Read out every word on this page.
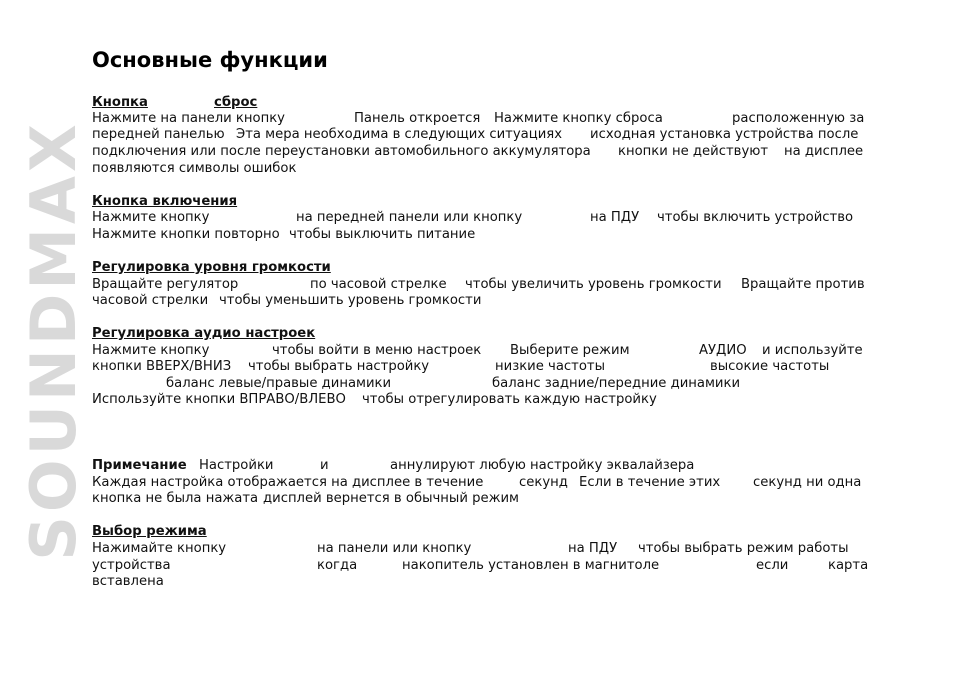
SOUNDMAX
Основные функции
Кнопка	сброс
Нажмите на панели кнопку	Панель откроется Нажмите кнопку сброса	расположенную за
передней панелью Эта мера необходима в следующих ситуациях исходная установка устройства после
подключения или после переустановки автомобильного аккумулятора кнопки не действуют на дисплее
появляются символы ошибок
Кнопка включения
Нажмите кнопку	на передней панели или кнопку	на ПДУ чтобы включить устройство
Нажмите кнопки повторно чтобы выключить питание
Регулировка уровня громкости
Вращайте регулятор	по часовой стрелке чтобы увеличить уровень громкости Вращайте против
часовой стрелки чтобы уменьшить уровень громкости
Регулировка аудио настроек
Нажмите кнопку	чтобы войти в меню настроек Выберите режим	АУДИО и используйте
кнопки ВВЕРХ/ВНИЗ чтобы выбрать настройку	низкие частоты	высокие частоты
баланс левые/правые динамики	баланс задние/передние динамики
Используйте кнопки ВПРАВО/ВЛЕВО чтобы отрегулировать каждую настройку
Примечание Настройки	и	аннулируют любую настройку эквалайзера
Каждая настройка отображается на дисплее в течение	секунд Если в течение этих секунд ни одна
кнопка не была нажата дисплей вернется в обычный режим
Выбор режима
Нажимайте кнопку	на панели или кнопку	на ПДУ чтобы выбрать режим работы
устройства	когда	накопитель установлен в магнитоле	если	карта
вставлена
